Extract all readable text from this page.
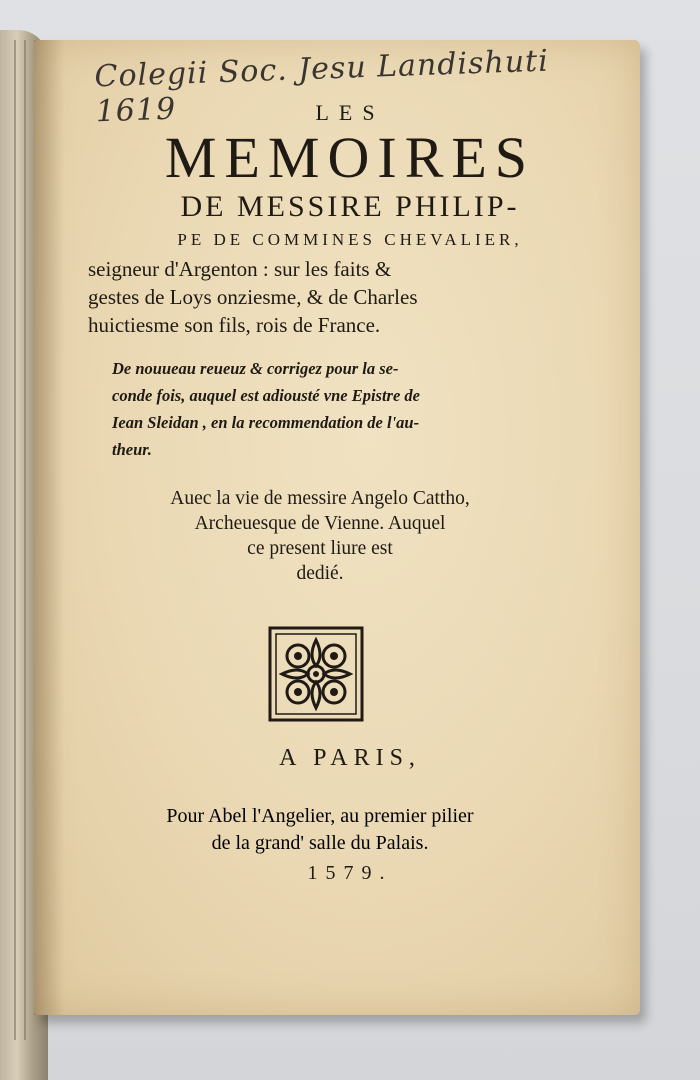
Colegii Soc. Jesu Landishuti 1619	LES
MEMOIRES
DE MESSIRE PHILIP-
PE DE COMMINES CHEVALIER,
seigneur d'Argenton : sur les faits &
gestes de Loys onziesme, & de Charles
huictiesme son fils, rois de France.
De nouueau reueuz & corrigez pour la se-
conde fois, auquel est adiousté vne Epistre de
Iean Sleidan , en la recommendation de l'au-
theur.
Auec la vie de messire Angelo Cattho,
Archeuesque de Vienne. Auquel
ce present liure est
dedié.
A PARIS,
Pour Abel l'Angelier, au premier pilier
de la grand' salle du Palais.
1579.
